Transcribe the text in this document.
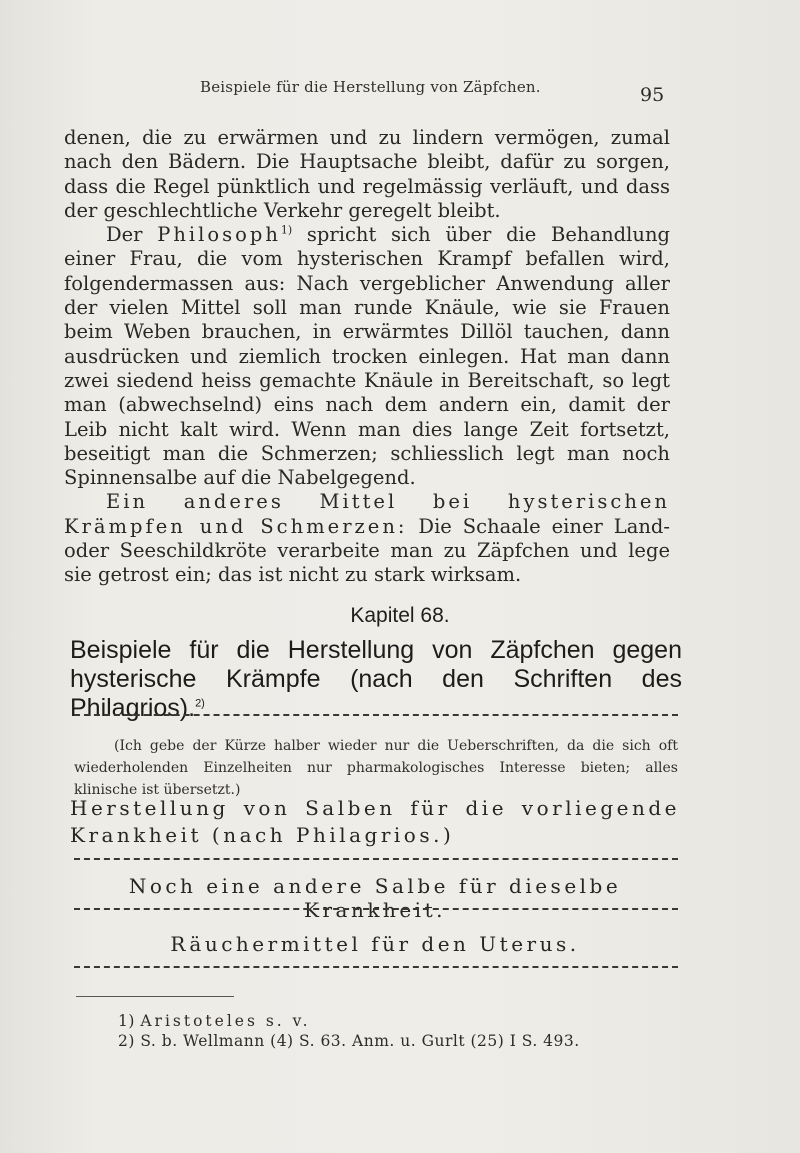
Beispiele für die Herstellung von Zäpfchen.	95

denen, die zu erwärmen und zu lindern vermögen, zumal nach den Bädern. Die Hauptsache bleibt, dafür zu sorgen, dass die Regel pünktlich und regelmässig verläuft, und dass der geschlechtliche Verkehr geregelt bleibt.

Der Philosoph$^{1)}$ spricht sich über die Behandlung einer Frau, die vom hysterischen Krampf befallen wird, folgendermassen aus: Nach vergeblicher Anwendung aller der vielen Mittel soll man runde Knäule, wie sie Frauen beim Weben brauchen, in erwärmtes Dillöl tauchen, dann ausdrücken und ziemlich trocken einlegen. Hat man dann zwei siedend heiss gemachte Knäule in Bereitschaft, so legt man (abwechselnd) eins nach dem andern ein, damit der Leib nicht kalt wird. Wenn man dies lange Zeit fortsetzt, beseitigt man die Schmerzen; schliesslich legt man noch Spinnensalbe auf die Nabelgegend.

Ein anderes Mittel bei hysterischen Krämpfen und Schmerzen: Die Schaale einer Land- oder Seeschildkröte verarbeite man zu Zäpfchen und lege sie getrost ein; das ist nicht zu stark wirksam.

Kapitel 68.
Beispiele für die Herstellung von Zäpfchen gegen hysterische Krämpfe (nach den Schriften des Philagrios).$^{2)}$
(Ich gebe der Kürze halber wieder nur die Ueberschriften, da die sich oft wiederholenden Einzelheiten nur pharmakologisches Interesse bieten; alles klinische ist übersetzt.)
Herstellung von Salben für die vorliegende Krankheit (nach Philagrios.)
Noch eine andere Salbe für dieselbe Krankheit.
Räuchermittel für den Uterus.
1) Aristoteles s. v.
2) S. b. Wellmann (4) S. 63. Anm. u. Gurlt (25) I S. 493.
